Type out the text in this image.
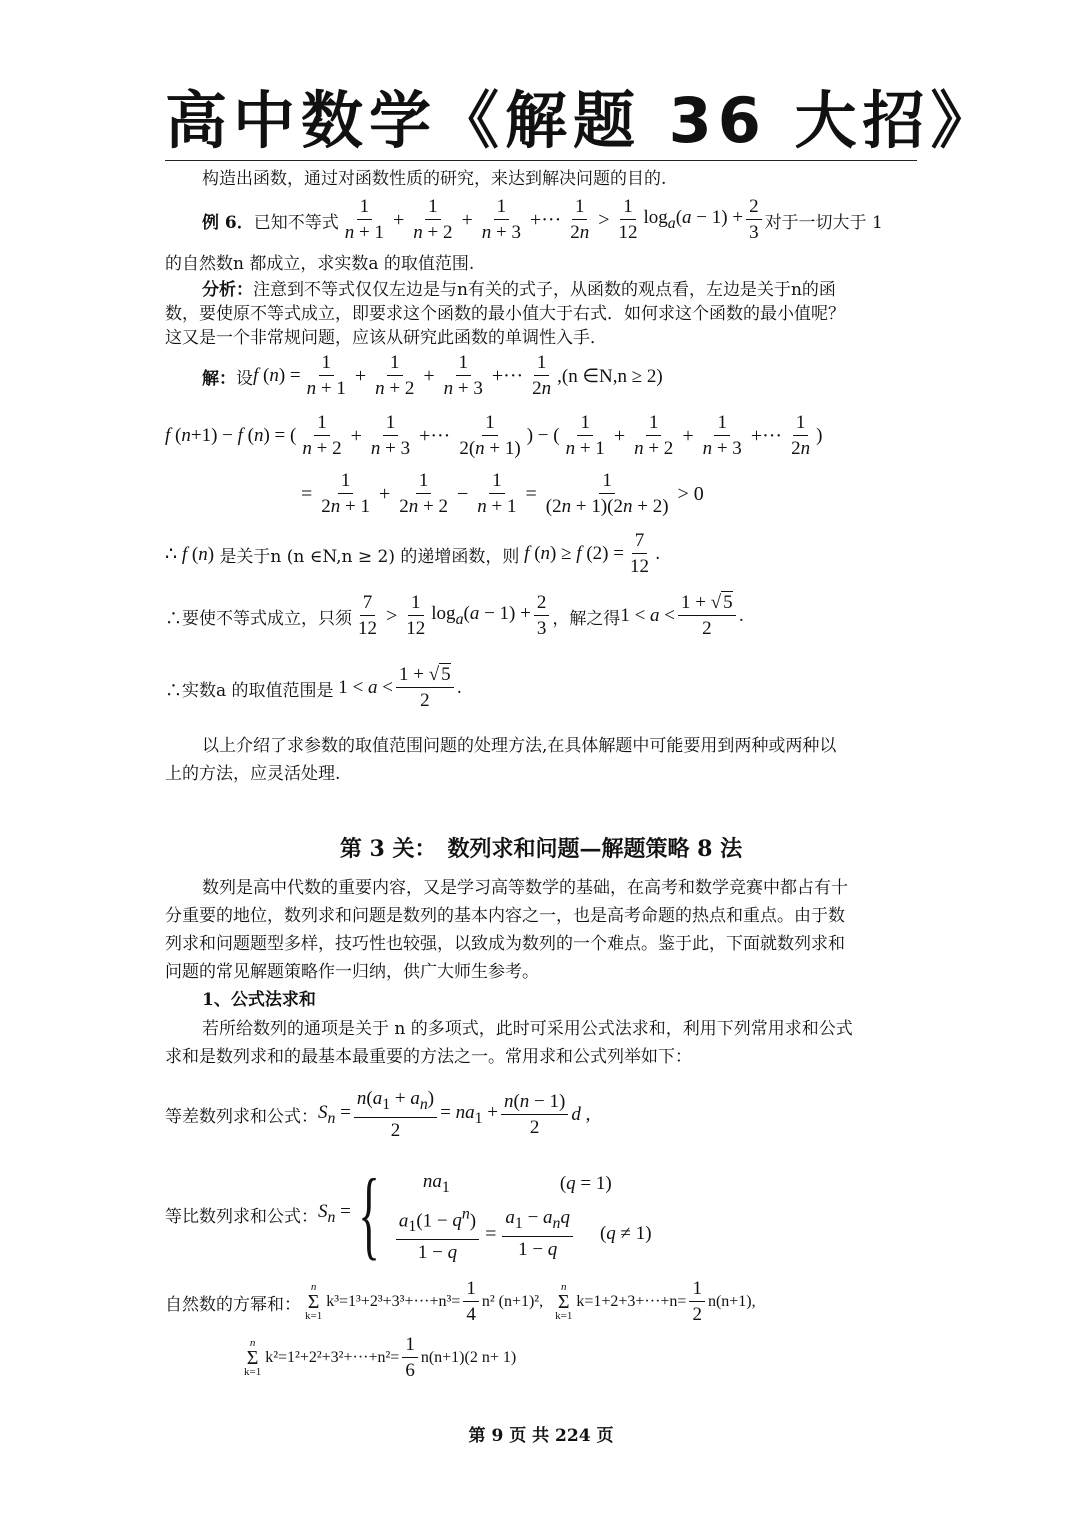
高中数学《解题 36 大招》
构造出函数，通过对函数性质的研究，来达到解决问题的目的.
例 6． 已知不等式
1
n + 1
+ $\frac{1}{n + 2} + \frac{1}{n + 3}$ +···
1
2n
>
1
12
$\log_a(a - 1) + \frac{2}{3}$ 对于一切大于 1
的自然数n 都成立，求实数a 的取值范围.
分析：注意到不等式仅仅左边是与n有关的式子，从函数的观点看，左边是关于n的函
数，要使原不等式成立，即要求这个函数的最小值大于右式．如何求这个函数的最小值呢？
这又是一个非常规问题，应该从研究此函数的单调性入手．
解： 设 f $(n) = \frac{1}{n + 1} + \frac{1}{n + 2} + \frac{1}{n + 3}$ +···
1
2n
,(n ∈N,n ≥ 2)
f (n+1) − f (n) = (
1
n + 2
+ $\frac{1}{n + 3}$ +···
1
2(n + 1)
) − (
1
n + 1
+ $\frac{1}{n + 2} + \frac{1}{n + 3}$ +···
1
2n
)
= $\frac{1}{2n + 1} + \frac{1}{2n + 2} - \frac{1}{n + 1} = \frac{1}{(2n + 1)(2n + 2)} > 0$
∴ f (n)
是关于n (n ∈N,n ≥ 2) 的递增函数，则 f (n) ≥ f $(2) = \frac{7}{12}$ .
∴要使不等式成立，只须
7
12
>
1
12
$\log_a(a - 1) + \frac{2}{3}$ ，解之得 1 < a <
1 + √ 5
2
.
∴实数a 的取值范围是 1 < a <
1 + √ 5
2
.
以上介绍了求参数的取值范围问题的处理方法,在具体解题中可能要用到两种或两种以
上的方法，应灵活处理.
第 3 关：　数列求和问题—解题策略 8 法
数列是高中代数的重要内容，又是学习高等数学的基础，在高考和数学竞赛中都占有十
分重要的地位，数列求和问题是数列的基本内容之一，也是高考命题的热点和重点。由于数
列求和问题题型多样，技巧性也较强，以致成为数列的一个难点。鉴于此，下面就数列求和
问题的常见解题策略作一归纳，供广大师生参考。
1、公式法求和
若所给数列的通项是关于 n 的多项式，此时可采用公式法求和，利用下列常用求和公式
求和是数列求和的最基本最重要的方法之一。常用求和公式列举如下：
等差数列求和公式： $S_n = \frac{n(a_1 + a_n)}{2} = na_1 + \frac{n(n - 1)}{2}$ d ,
等比数列求和公式： $S_n$ = { $na_1$	(q = 1)
$\frac{a_1(1 - q^n)}{1 - q}$ =
$a_1 - a_nq$
1 − q
(q ≠ 1)
自然数的方幂和：
n
Σ
k=1
$k^3=1^3+2^3+3^3+\cdot\cdot\cdot+n^3= \frac{1}{4} n^2$ (n+1)²,
n
Σ
k=1
$k=1+2+3+\cdot\cdot\cdot+n= \frac{1}{2} n(n+1)$,
n
Σ
k=1
$k^2=1^2+2^2+3^2+\cdot\cdot\cdot+n^2= \frac{1}{6} n(n+1)(2$ n+ 1)
第 9 页 共 224 页
